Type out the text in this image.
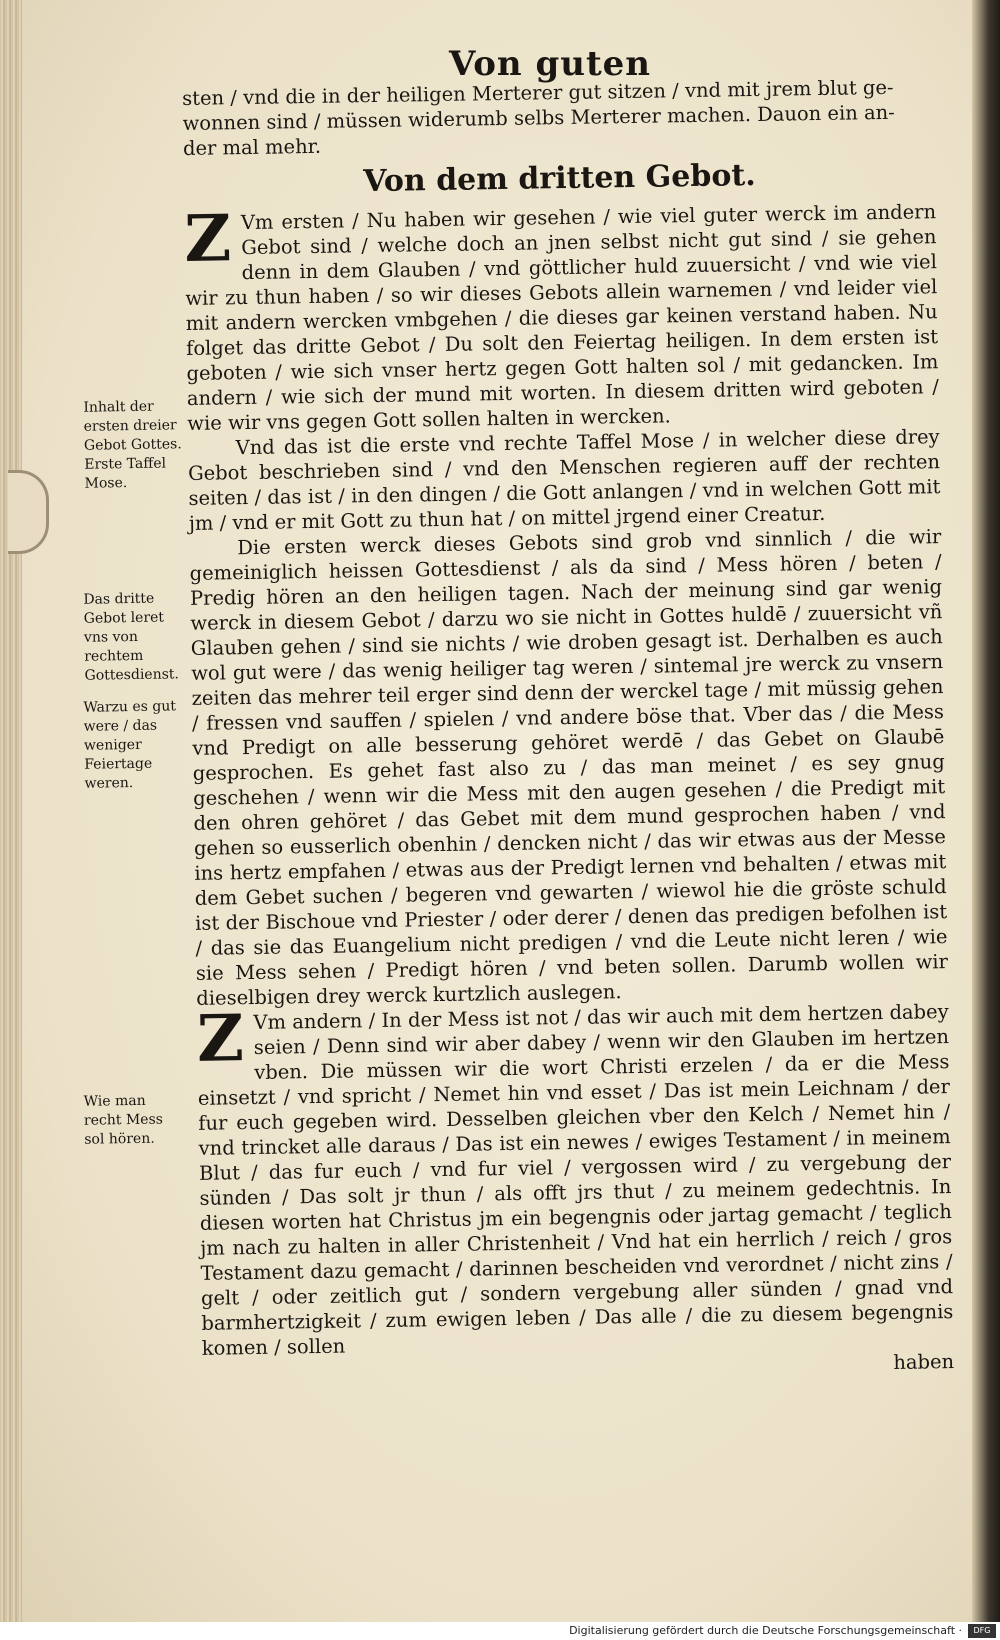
Von guten

sten / vnd die in der heiligen Merterer gut sitzen / vnd mit jrem blut ge-

wonnen sind / müssen widerumb selbs Merterer machen. Dauon ein an-

der mal mehr.

Von dem dritten Gebot.

Z Vm ersten / Nu haben wir gesehen / wie viel guter werck im andern Gebot sind / welche doch an jnen selbst nicht gut sind / sie gehen denn in dem Glauben / vnd göttlicher huld zuuersicht / vnd wie viel wir zu thun haben / so wir dieses Gebots allein warnemen / vnd leider viel mit andern wercken vmbgehen / die dieses gar keinen verstand haben. Nu folget das dritte Gebot / Du solt den Feiertag heiligen. In dem ersten ist geboten / wie sich vnser hertz gegen Gott halten sol / mit gedancken. Im andern / wie sich der mund mit worten. In diesem dritten wird geboten / wie wir vns gegen Gott sollen halten in wercken.

Vnd das ist die erste vnd rechte Taffel Mose / in welcher diese drey Gebot beschrieben sind / vnd den Menschen regieren auff der rechten seiten / das ist / in den dingen / die Gott anlangen / vnd in welchen Gott mit jm / vnd er mit Gott zu thun hat / on mittel jrgend einer Creatur.

Die ersten werck dieses Gebots sind grob vnd sinnlich / die wir gemeiniglich heissen Gottesdienst / als da sind / Mess hören / beten / Predig hören an den heiligen tagen. Nach der meinung sind gar wenig werck in diesem Gebot / darzu wo sie nicht in Gottes huldē / zuuersicht vñ Glauben gehen / sind sie nichts / wie droben gesagt ist. Derhalben es auch wol gut were / das wenig heiliger tag weren / sintemal jre werck zu vnsern zeiten das mehrer teil erger sind denn der werckel tage / mit müssig gehen / fressen vnd sauffen / spielen / vnd andere böse that. Vber das / die Mess vnd Predigt on alle besserung gehöret werdē / das Gebet on Glaubē gesprochen. Es gehet fast also zu / das man meinet / es sey gnug geschehen / wenn wir die Mess mit den augen gesehen / die Predigt mit den ohren gehöret / das Gebet mit dem mund gesprochen haben / vnd gehen so eusserlich obenhin / dencken nicht / das wir etwas aus der Messe ins hertz empfahen / etwas aus der Predigt lernen vnd behalten / etwas mit dem Gebet suchen / begeren vnd gewarten / wiewol hie die gröste schuld ist der Bischoue vnd Priester / oder derer / denen das predigen befolhen ist / das sie das Euangelium nicht predigen / vnd die Leute nicht leren / wie sie Mess sehen / Predigt hören / vnd beten sollen. Darumb wollen wir dieselbigen drey werck kurtzlich auslegen.

Z Vm andern / In der Mess ist not / das wir auch mit dem hertzen dabey seien / Denn sind wir aber dabey / wenn wir den Glauben im hertzen vben. Die müssen wir die wort Christi erzelen / da er die Mess einsetzt / vnd spricht / Nemet hin vnd esset / Das ist mein Leichnam / der fur euch gegeben wird. Desselben gleichen vber den Kelch / Nemet hin / vnd trincket alle daraus / Das ist ein newes / ewiges Testament / in meinem Blut / das fur euch / vnd fur viel / vergossen wird / zu vergebung der sünden / Das solt jr thun / als offt jrs thut / zu meinem gedechtnis. In diesen worten hat Christus jm ein begengnis oder jartag gemacht / teglich jm nach zu halten in aller Christenheit / Vnd hat ein herrlich / reich / gros Testament dazu gemacht / darinnen bescheiden vnd verordnet / nicht zins / gelt / oder zeitlich gut / sondern vergebung aller sünden / gnad vnd barmhertzigkeit / zum ewigen leben / Das alle / die zu diesem begengnis komen / sollen

haben

Inhalt der ersten dreier Gebot Gottes. Erste Taffel Mose.
Das dritte Gebot leret vns von rechtem Gottesdienst.
Warzu es gut were / das weniger Feiertage weren.
Wie man recht Mess sol hören.
Digitalisierung gefördert durch die Deutsche Forschungsgemeinschaft ·	DFG
